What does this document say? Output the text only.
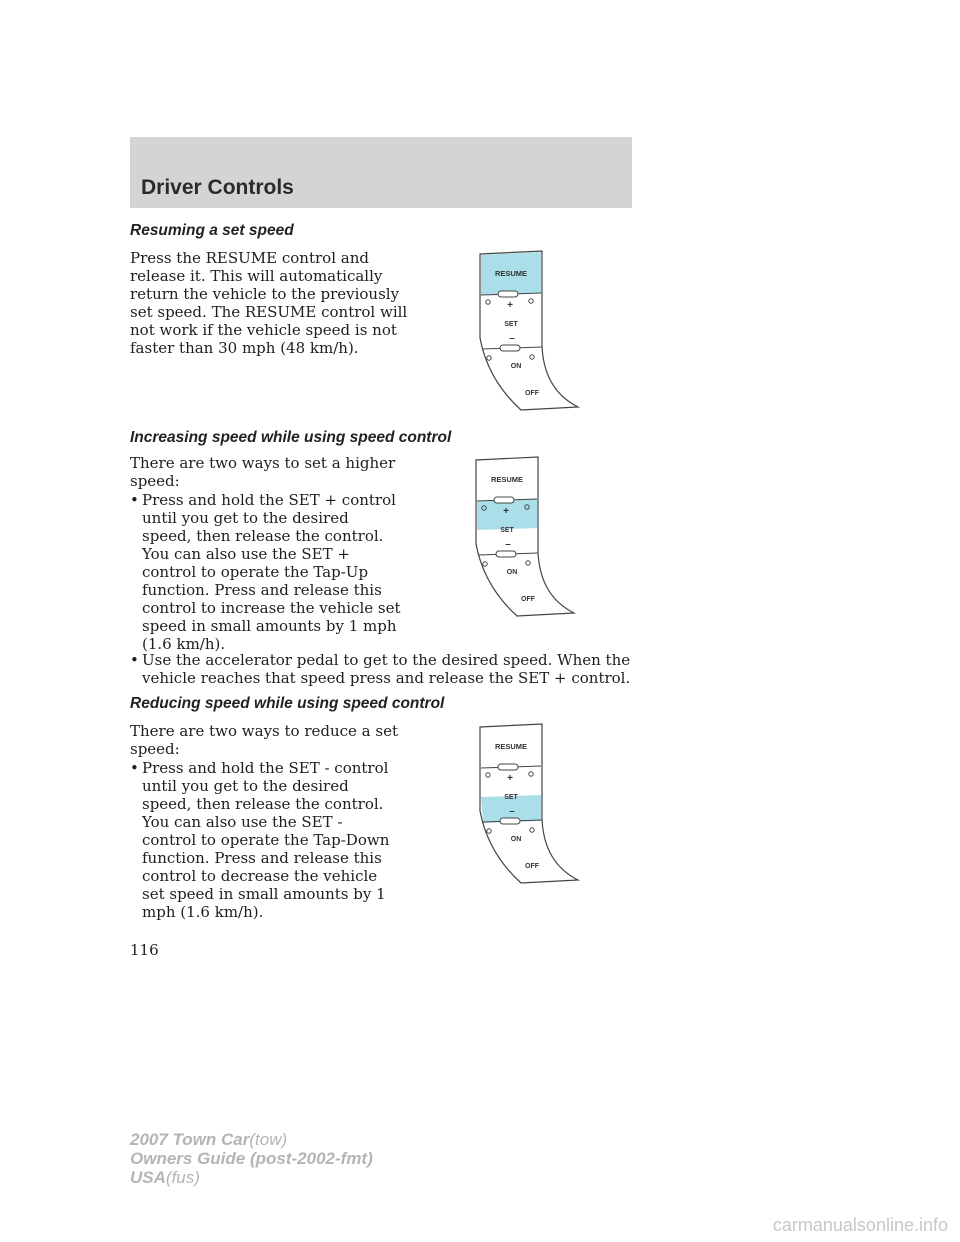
Driver Controls
Resuming a set speed
Press the RESUME control and
release it. This will automatically
return the vehicle to the previously
set speed. The RESUME control will
not work if the vehicle speed is not
faster than 30 mph (48 km/h).
Increasing speed while using speed control
There are two ways to set a higher
speed:
• Press and hold the SET + control
until you get to the desired
speed, then release the control.
You can also use the SET +
control to operate the Tap-Up
function. Press and release this
control to increase the vehicle set
speed in small amounts by 1 mph
(1.6 km/h).
• Use the accelerator pedal to get to the desired speed. When the
vehicle reaches that speed press and release the SET + control.
Reducing speed while using speed control
There are two ways to reduce a set
speed:
• Press and hold the SET - control
until you get to the desired
speed, then release the control.
You can also use the SET -
control to operate the Tap-Down
function. Press and release this
control to decrease the vehicle
set speed in small amounts by 1
mph (1.6 km/h).
RESUME
+
SET
–
ON
OFF
RESUME
+
SET
–
ON
OFF
RESUME
+
SET
–
ON
OFF
116
2007 Town Car(tow)
Owners Guide (post-2002-fmt)
USA(fus)
carmanualsonline.info
